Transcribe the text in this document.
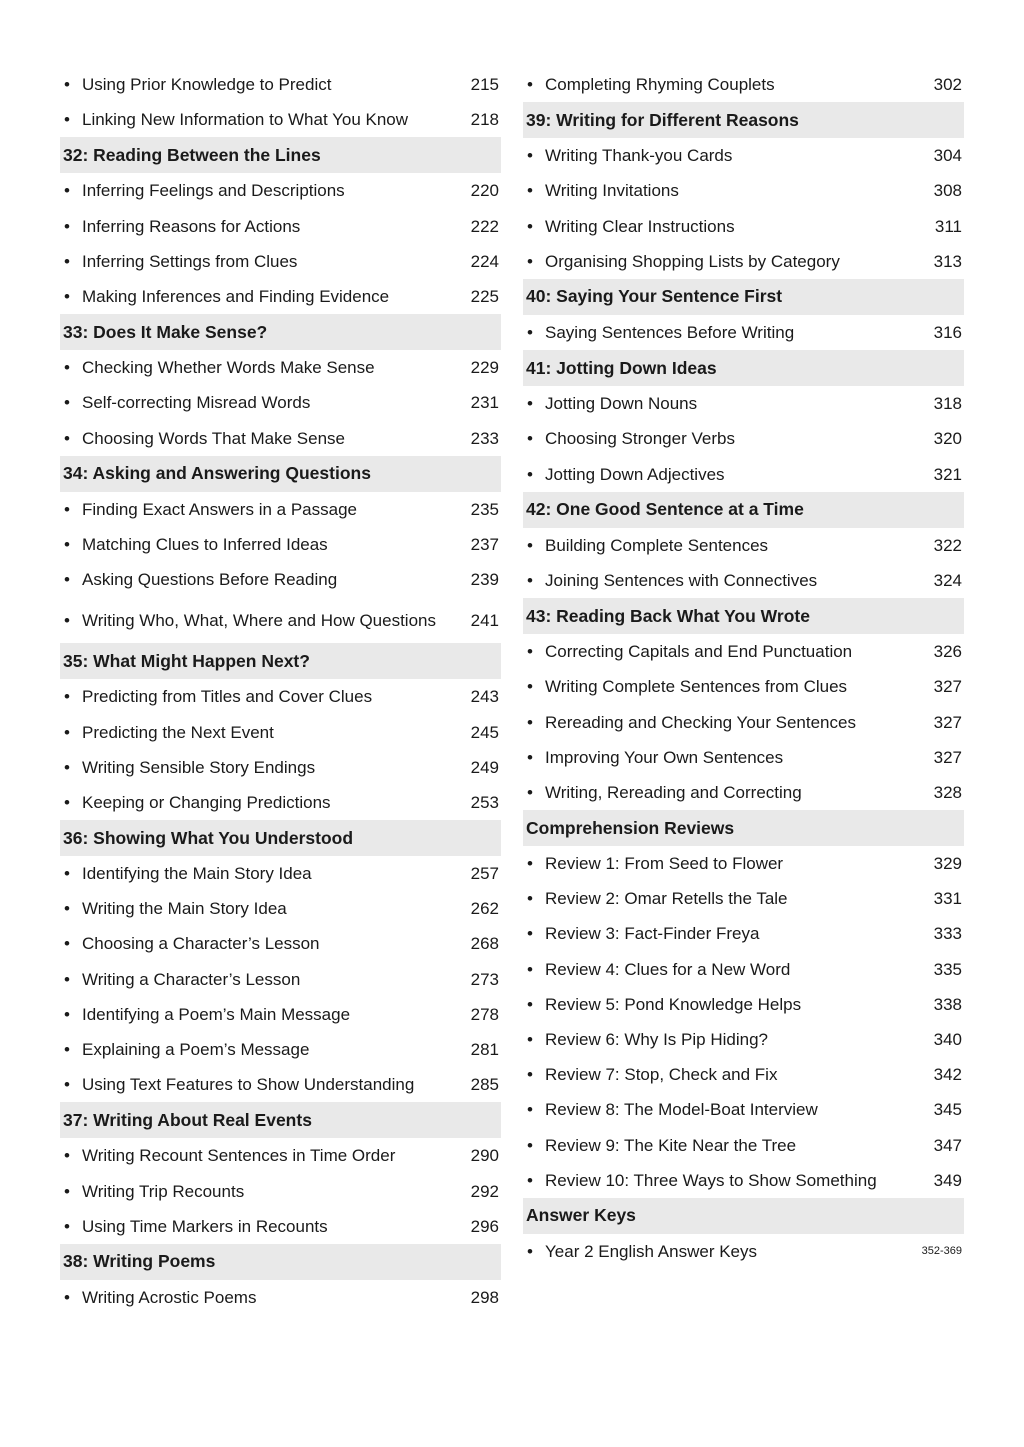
• Using Prior Knowledge to Predict	215
• Linking New Information to What You Know	218
32: Reading Between the Lines
• Inferring Feelings and Descriptions	220
• Inferring Reasons for Actions	222
• Inferring Settings from Clues	224
• Making Inferences and Finding Evidence	225
33: Does It Make Sense?
• Checking Whether Words Make Sense	229
• Self-correcting Misread Words	231
• Choosing Words That Make Sense	233
34: Asking and Answering Questions
• Finding Exact Answers in a Passage	235
• Matching Clues to Inferred Ideas	237
• Asking Questions Before Reading	239
• Writing Who, What, Where and How Questions	241
35: What Might Happen Next?
• Predicting from Titles and Cover Clues	243
• Predicting the Next Event	245
• Writing Sensible Story Endings	249
• Keeping or Changing Predictions	253
36: Showing What You Understood
• Identifying the Main Story Idea	257
• Writing the Main Story Idea	262
• Choosing a Character’s Lesson	268
• Writing a Character’s Lesson	273
• Identifying a Poem’s Main Message	278
• Explaining a Poem’s Message	281
• Using Text Features to Show Understanding	285
37: Writing About Real Events
• Writing Recount Sentences in Time Order	290
• Writing Trip Recounts	292
• Using Time Markers in Recounts	296
38: Writing Poems
• Writing Acrostic Poems	298
• Completing Rhyming Couplets	302
39: Writing for Different Reasons
• Writing Thank-you Cards	304
• Writing Invitations	308
• Writing Clear Instructions	311
• Organising Shopping Lists by Category	313
40: Saying Your Sentence First
• Saying Sentences Before Writing	316
41: Jotting Down Ideas
• Jotting Down Nouns	318
• Choosing Stronger Verbs	320
• Jotting Down Adjectives	321
42: One Good Sentence at a Time
• Building Complete Sentences	322
• Joining Sentences with Connectives	324
43: Reading Back What You Wrote
• Correcting Capitals and End Punctuation	326
• Writing Complete Sentences from Clues	327
• Rereading and Checking Your Sentences	327
• Improving Your Own Sentences	327
• Writing, Rereading and Correcting	328
Comprehension Reviews
• Review 1: From Seed to Flower	329
• Review 2: Omar Retells the Tale	331
• Review 3: Fact-Finder Freya	333
• Review 4: Clues for a New Word	335
• Review 5: Pond Knowledge Helps	338
• Review 6: Why Is Pip Hiding?	340
• Review 7: Stop, Check and Fix	342
• Review 8: The Model-Boat Interview	345
• Review 9: The Kite Near the Tree	347
• Review 10: Three Ways to Show Something	349
Answer Keys
• Year 2 English Answer Keys	352-369
